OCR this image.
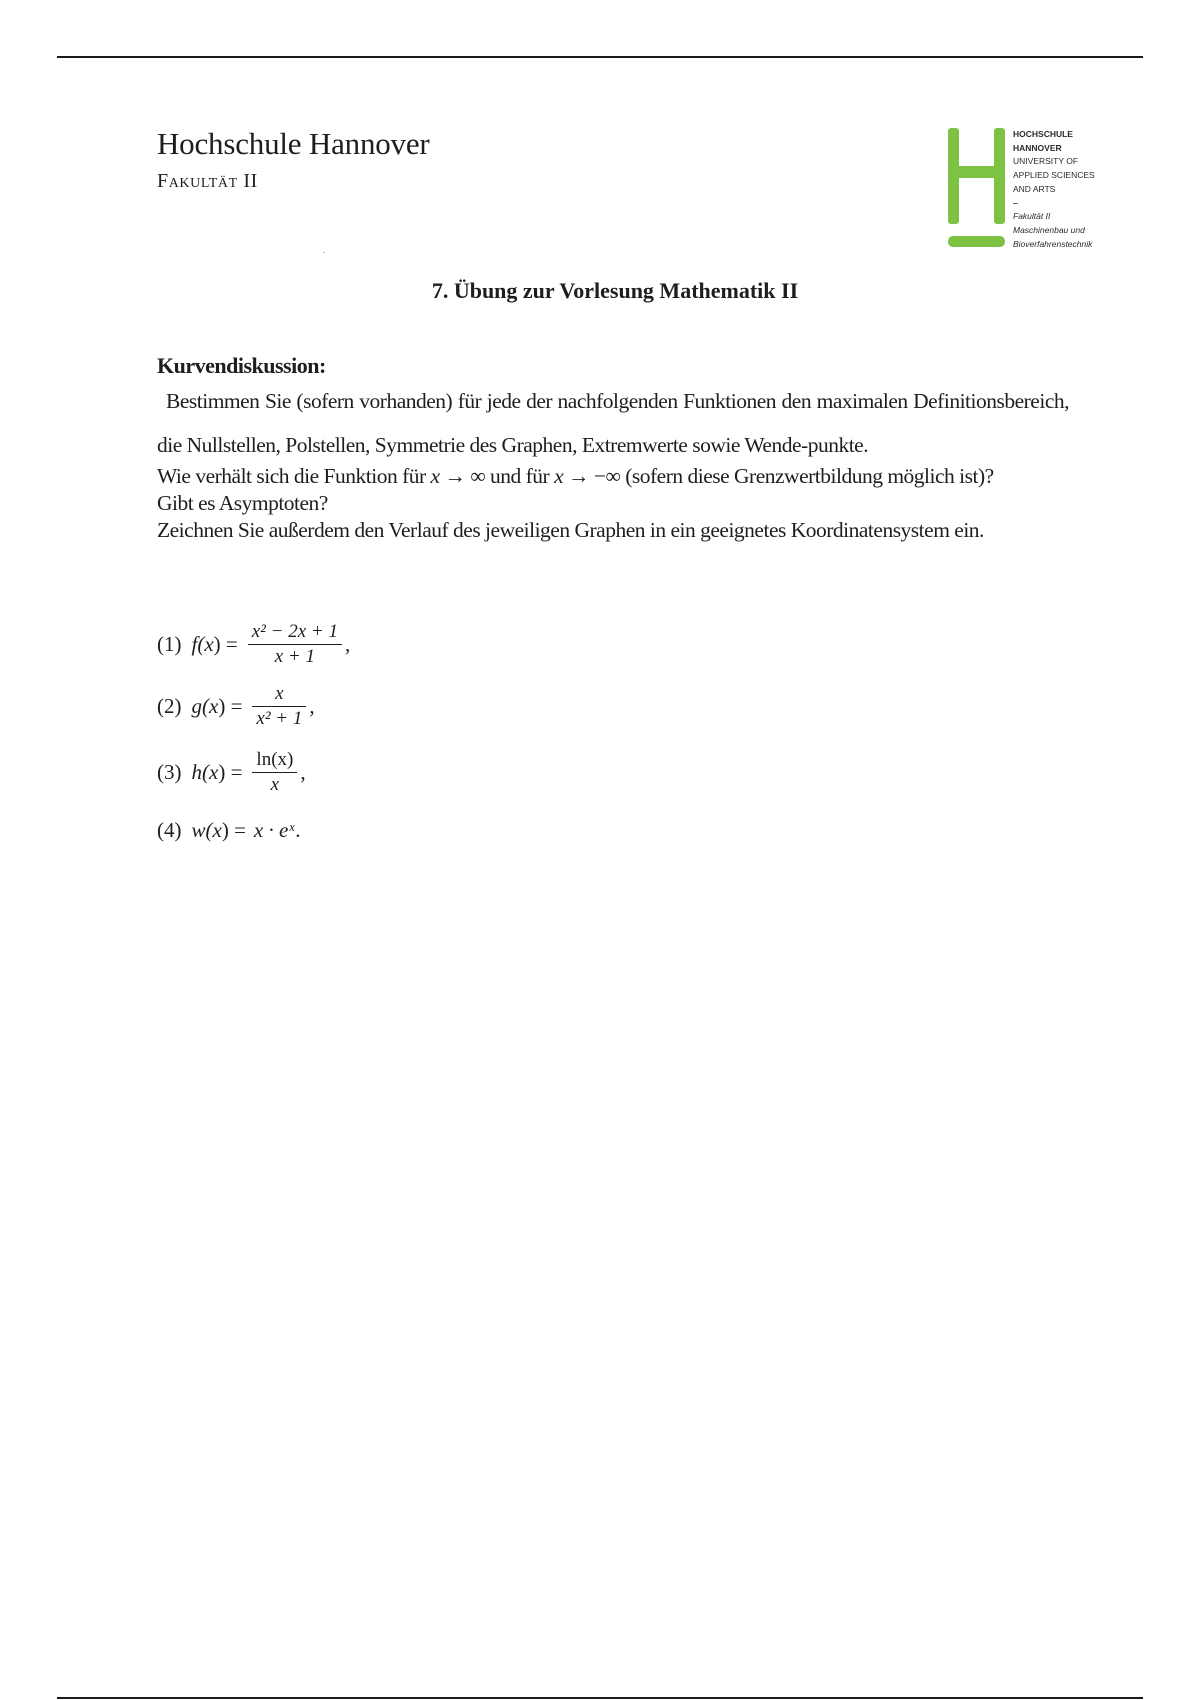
Hochschule Hannover
Fakultät II
HOCHSCHULE
HANNOVER
UNIVERSITY OF
APPLIED SCIENCES
AND ARTS
–
Fakultät II
Maschinenbau und
Bioverfahrenstechnik
7. Übung zur Vorlesung Mathematik II
Kurvendiskussion:

Bestimmen Sie (sofern vorhanden) für jede der nachfolgenden Funktionen den maximalen Definitionsbereich, die Nullstellen, Polstellen, Symmetrie des Graphen, Extremwerte sowie Wende-punkte.

Wie verhält sich die Funktion für x → ∞ und für x → −∞ (sofern diese Grenzwertbildung möglich ist)?

Gibt es Asymptoten?

Zeichnen Sie außerdem den Verlauf des jeweiligen Graphen in ein geeignetes Koordinatensystem ein.

(1) $f(x) = \frac{\text{x² − 2x + 1}}{x + 1}$ ,
(2) $g(x) = \frac{x}{\text{x² + 1}}$ ,
(3) $h(x) = \frac{\ln(x)}{x}$ ,
(4) w(x) = x · eˣ .
